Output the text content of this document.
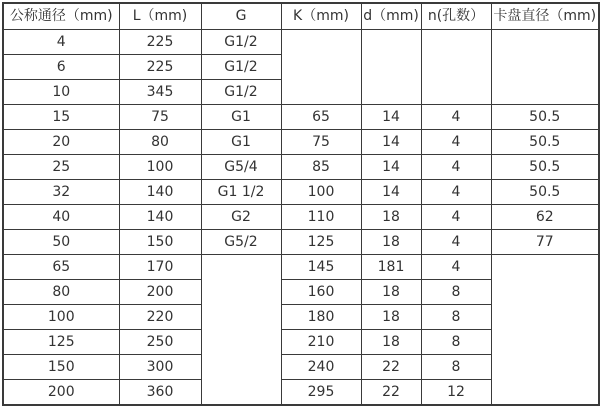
公称通径（mm)	L（mm)	G	K（mm)	d（mm)	n(孔数）	卡盘直径（mm)
4	225	G1/2				
6	225	G1/2				
10	345	G1/2				
15	75	G1	65	14	4	50.5
20	80	G1	75	14	4	50.5
25	100	G5/4	85	14	4	50.5
32	140	G1 1/2	100	14	4	50.5
40	140	G2	110	18	4	62
50	150	G5/2	125	18	4	77
65	170		145	181	4	
80	200		160	18	8	
100	220		180	18	8	
125	250		210	18	8	
150	300		240	22	8	
200	360		295	22	12	
